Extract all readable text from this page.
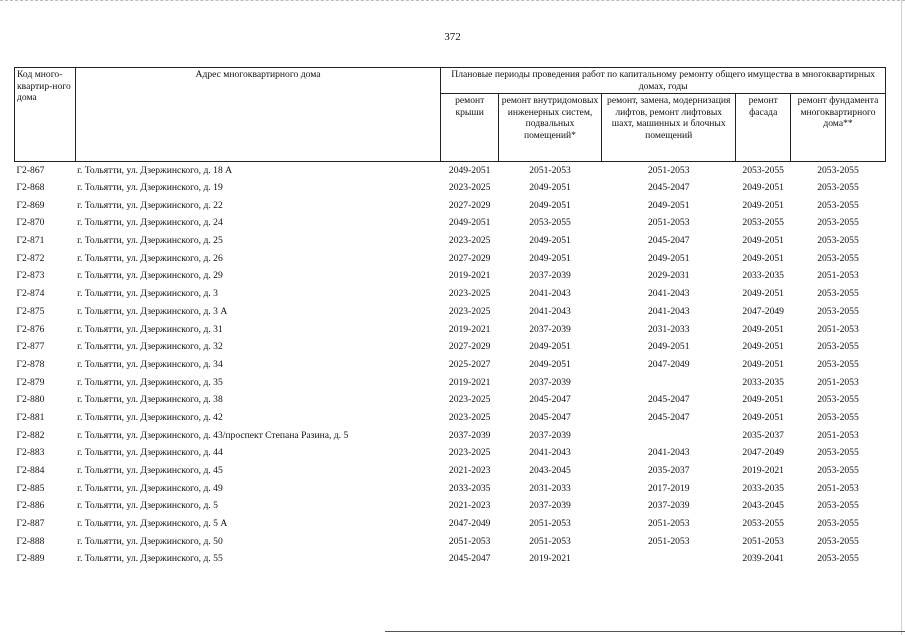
372
Код много-квартир-ного дома	Адрес многоквартирного дома	Плановые периоды проведения работ по капитальному ремонту общего имущества в многоквартирных домах, годы				
		ремонт крыши	ремонт внутридомовых инженерных систем, подвальных помещений*	ремонт, замена, модернизация лифтов, ремонт лифтовых шахт, машинных и блочных помещений	ремонт фасада	ремонт фундамента многоквартирного дома**
Г2-867	г. Тольятти, ул. Дзержинского, д. 18 А	2049-2051	2051-2053	2051-2053	2053-2055	2053-2055
Г2-868	г. Тольятти, ул. Дзержинского, д. 19	2023-2025	2049-2051	2045-2047	2049-2051	2053-2055
Г2-869	г. Тольятти, ул. Дзержинского, д. 22	2027-2029	2049-2051	2049-2051	2049-2051	2053-2055
Г2-870	г. Тольятти, ул. Дзержинского, д. 24	2049-2051	2053-2055	2051-2053	2053-2055	2053-2055
Г2-871	г. Тольятти, ул. Дзержинского, д. 25	2023-2025	2049-2051	2045-2047	2049-2051	2053-2055
Г2-872	г. Тольятти, ул. Дзержинского, д. 26	2027-2029	2049-2051	2049-2051	2049-2051	2053-2055
Г2-873	г. Тольятти, ул. Дзержинского, д. 29	2019-2021	2037-2039	2029-2031	2033-2035	2051-2053
Г2-874	г. Тольятти, ул. Дзержинского, д. 3	2023-2025	2041-2043	2041-2043	2049-2051	2053-2055
Г2-875	г. Тольятти, ул. Дзержинского, д. 3 А	2023-2025	2041-2043	2041-2043	2047-2049	2053-2055
Г2-876	г. Тольятти, ул. Дзержинского, д. 31	2019-2021	2037-2039	2031-2033	2049-2051	2051-2053
Г2-877	г. Тольятти, ул. Дзержинского, д. 32	2027-2029	2049-2051	2049-2051	2049-2051	2053-2055
Г2-878	г. Тольятти, ул. Дзержинского, д. 34	2025-2027	2049-2051	2047-2049	2049-2051	2053-2055
Г2-879	г. Тольятти, ул. Дзержинского, д. 35	2019-2021	2037-2039		2033-2035	2051-2053
Г2-880	г. Тольятти, ул. Дзержинского, д. 38	2023-2025	2045-2047	2045-2047	2049-2051	2053-2055
Г2-881	г. Тольятти, ул. Дзержинского, д. 42	2023-2025	2045-2047	2045-2047	2049-2051	2053-2055
Г2-882	г. Тольятти, ул. Дзержинского, д. 43/проспект Степана Разина, д. 5	2037-2039	2037-2039		2035-2037	2051-2053
Г2-883	г. Тольятти, ул. Дзержинского, д. 44	2023-2025	2041-2043	2041-2043	2047-2049	2053-2055
Г2-884	г. Тольятти, ул. Дзержинского, д. 45	2021-2023	2043-2045	2035-2037	2019-2021	2053-2055
Г2-885	г. Тольятти, ул. Дзержинского, д. 49	2033-2035	2031-2033	2017-2019	2033-2035	2051-2053
Г2-886	г. Тольятти, ул. Дзержинского, д. 5	2021-2023	2037-2039	2037-2039	2043-2045	2053-2055
Г2-887	г. Тольятти, ул. Дзержинского, д. 5 А	2047-2049	2051-2053	2051-2053	2053-2055	2053-2055
Г2-888	г. Тольятти, ул. Дзержинского, д. 50	2051-2053	2051-2053	2051-2053	2051-2053	2053-2055
Г2-889	г. Тольятти, ул. Дзержинского, д. 55	2045-2047	2019-2021		2039-2041	2053-2055
